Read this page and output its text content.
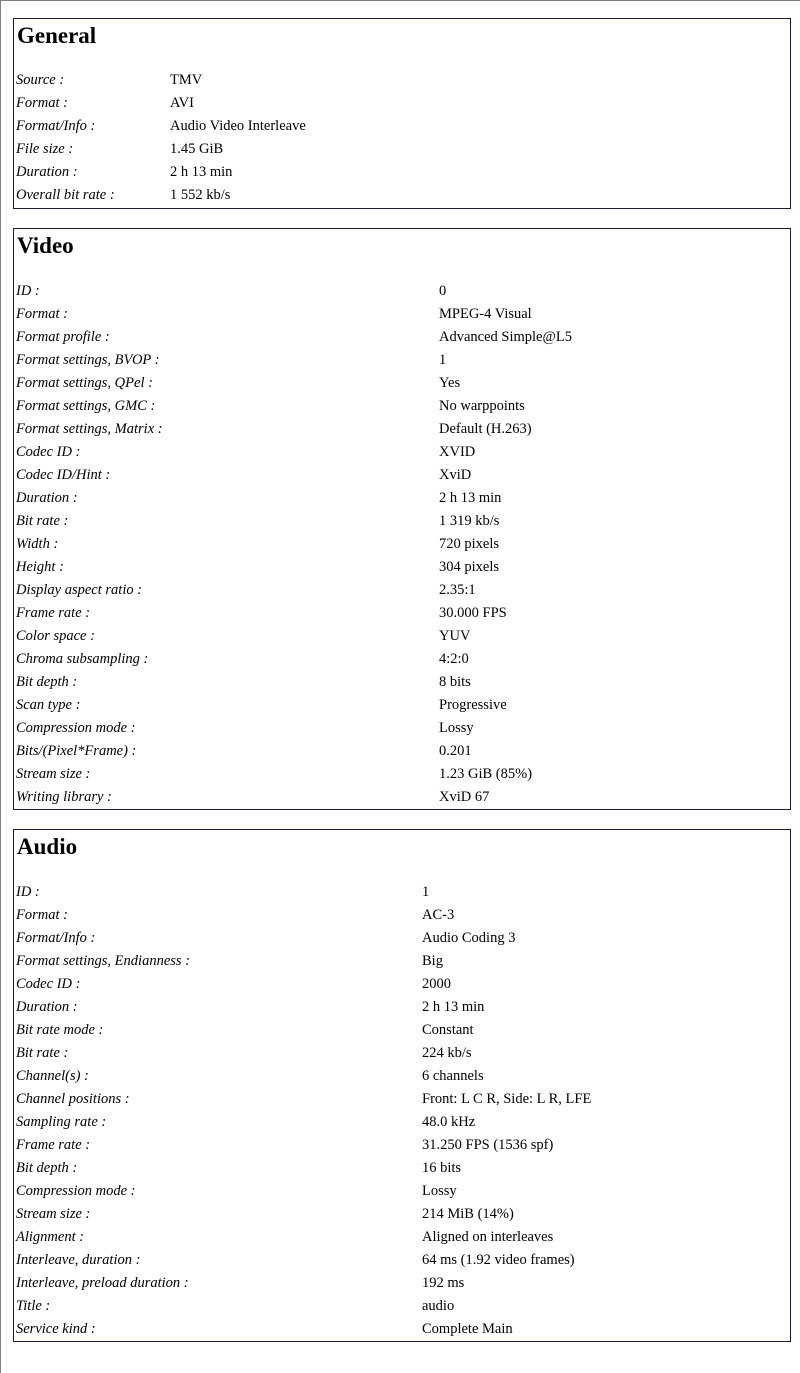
General
Source :	TMV
Format :	AVI
Format/Info :	Audio Video Interleave
File size :	1.45 GiB
Duration :	2 h 13 min
Overall bit rate :	1 552 kb/s
Video
ID :	0
Format :	MPEG-4 Visual
Format profile :	Advanced Simple@L5
Format settings, BVOP :	1
Format settings, QPel :	Yes
Format settings, GMC :	No warppoints
Format settings, Matrix :	Default (H.263)
Codec ID :	XVID
Codec ID/Hint :	XviD
Duration :	2 h 13 min
Bit rate :	1 319 kb/s
Width :	720 pixels
Height :	304 pixels
Display aspect ratio :	2.35:1
Frame rate :	30.000 FPS
Color space :	YUV
Chroma subsampling :	4:2:0
Bit depth :	8 bits
Scan type :	Progressive
Compression mode :	Lossy
Bits/(Pixel*Frame) :	0.201
Stream size :	1.23 GiB (85%)
Writing library :	XviD 67
Audio
ID :	1
Format :	AC-3
Format/Info :	Audio Coding 3
Format settings, Endianness :	Big
Codec ID :	2000
Duration :	2 h 13 min
Bit rate mode :	Constant
Bit rate :	224 kb/s
Channel(s) :	6 channels
Channel positions :	Front: L C R, Side: L R, LFE
Sampling rate :	48.0 kHz
Frame rate :	31.250 FPS (1536 spf)
Bit depth :	16 bits
Compression mode :	Lossy
Stream size :	214 MiB (14%)
Alignment :	Aligned on interleaves
Interleave, duration :	64 ms (1.92 video frames)
Interleave, preload duration :	192 ms
Title :	audio
Service kind :	Complete Main
